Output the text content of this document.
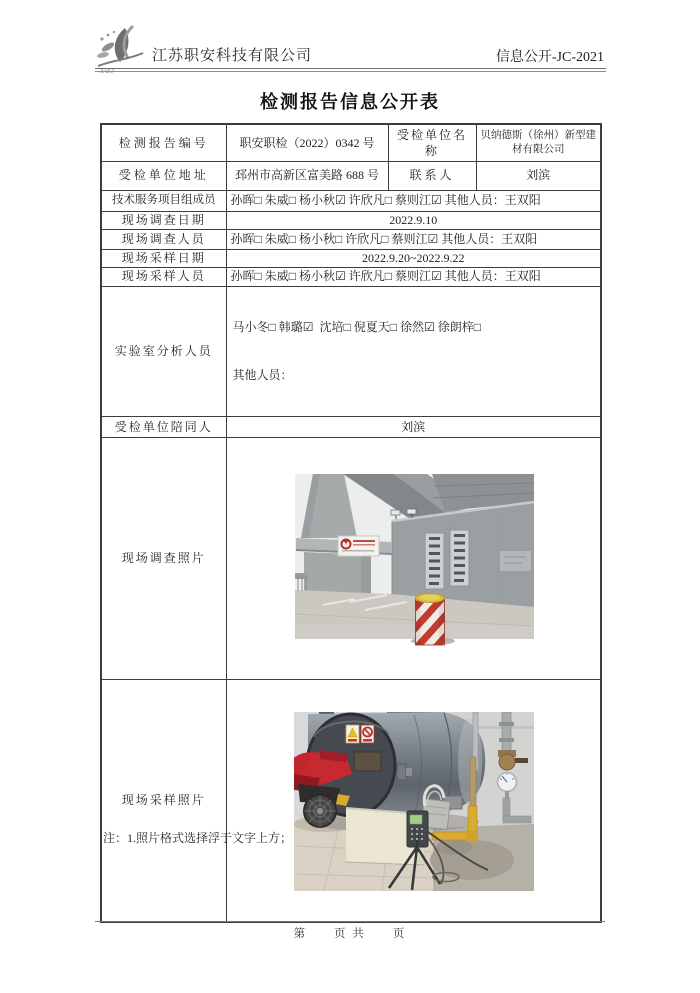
ZAKJ
江苏职安科技有限公司	信息公开-JC-2021
检测报告信息公开表
检测报告编号	职安职检（2022）0342 号	受检单位名称	贝纳德斯（徐州）新型建材有限公司
受检单位地址	邳州市高新区富美路 688 号	联系人	刘滨
技术服务项目组成员	孙晖□ 朱威□ 杨小秋☑ 许欣凡□ 蔡则江☑ 其他人员：王双阳		
现场调查日期	2022.9.10		
现场调查人员	孙晖□ 朱威□ 杨小秋□ 许欣凡□ 蔡则江☑ 其他人员：王双阳		
现场采样日期	2022.9.20~2022.9.22		
现场采样人员	孙晖□ 朱威□ 杨小秋☑ 许欣凡□ 蔡则江☑ 其他人员：王双阳		
实验室分析人员	马小冬□ 韩璐☑  沈培□ 倪夏天□ 徐然☑ 徐朗梓□

其他人员：		

受检单位陪同人	刘滨		
现场调查照片	

现场采样照片	
注：1.照片格式选择浮于文字上方；
第　　页 共　　页
